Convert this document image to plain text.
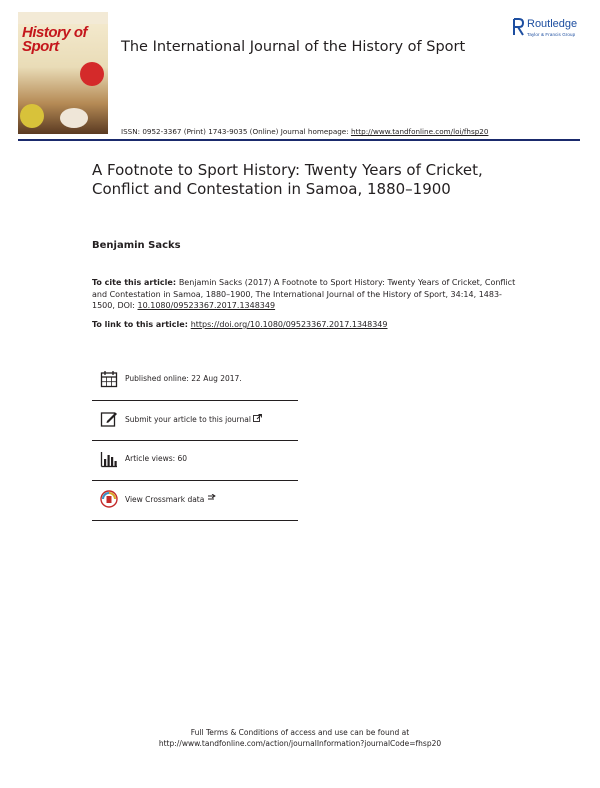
History of
Sport	The International Journal of the History of Sport
Routledge
Taylor & Francis Group
ISSN: 0952-3367 (Print) 1743-9035 (Online) Journal homepage: http://www.tandfonline.com/loi/fhsp20
A Footnote to Sport History: Twenty Years of Cricket, Conflict and Contestation in Samoa, 1880–1900
Benjamin Sacks
To cite this article: Benjamin Sacks (2017) A Footnote to Sport History: Twenty Years of Cricket, Conflict and Contestation in Samoa, 1880–1900, The International Journal of the History of Sport, 34:14, 1483-1500, DOI: 10.1080/09523367.2017.1348349
To link to this article: https://doi.org/10.1080/09523367.2017.1348349
Published online: 22 Aug 2017.
Submit your article to this journal
Article views: 60
View Crossmark data
Full Terms & Conditions of access and use can be found at
http://www.tandfonline.com/action/journalInformation?journalCode=fhsp20
